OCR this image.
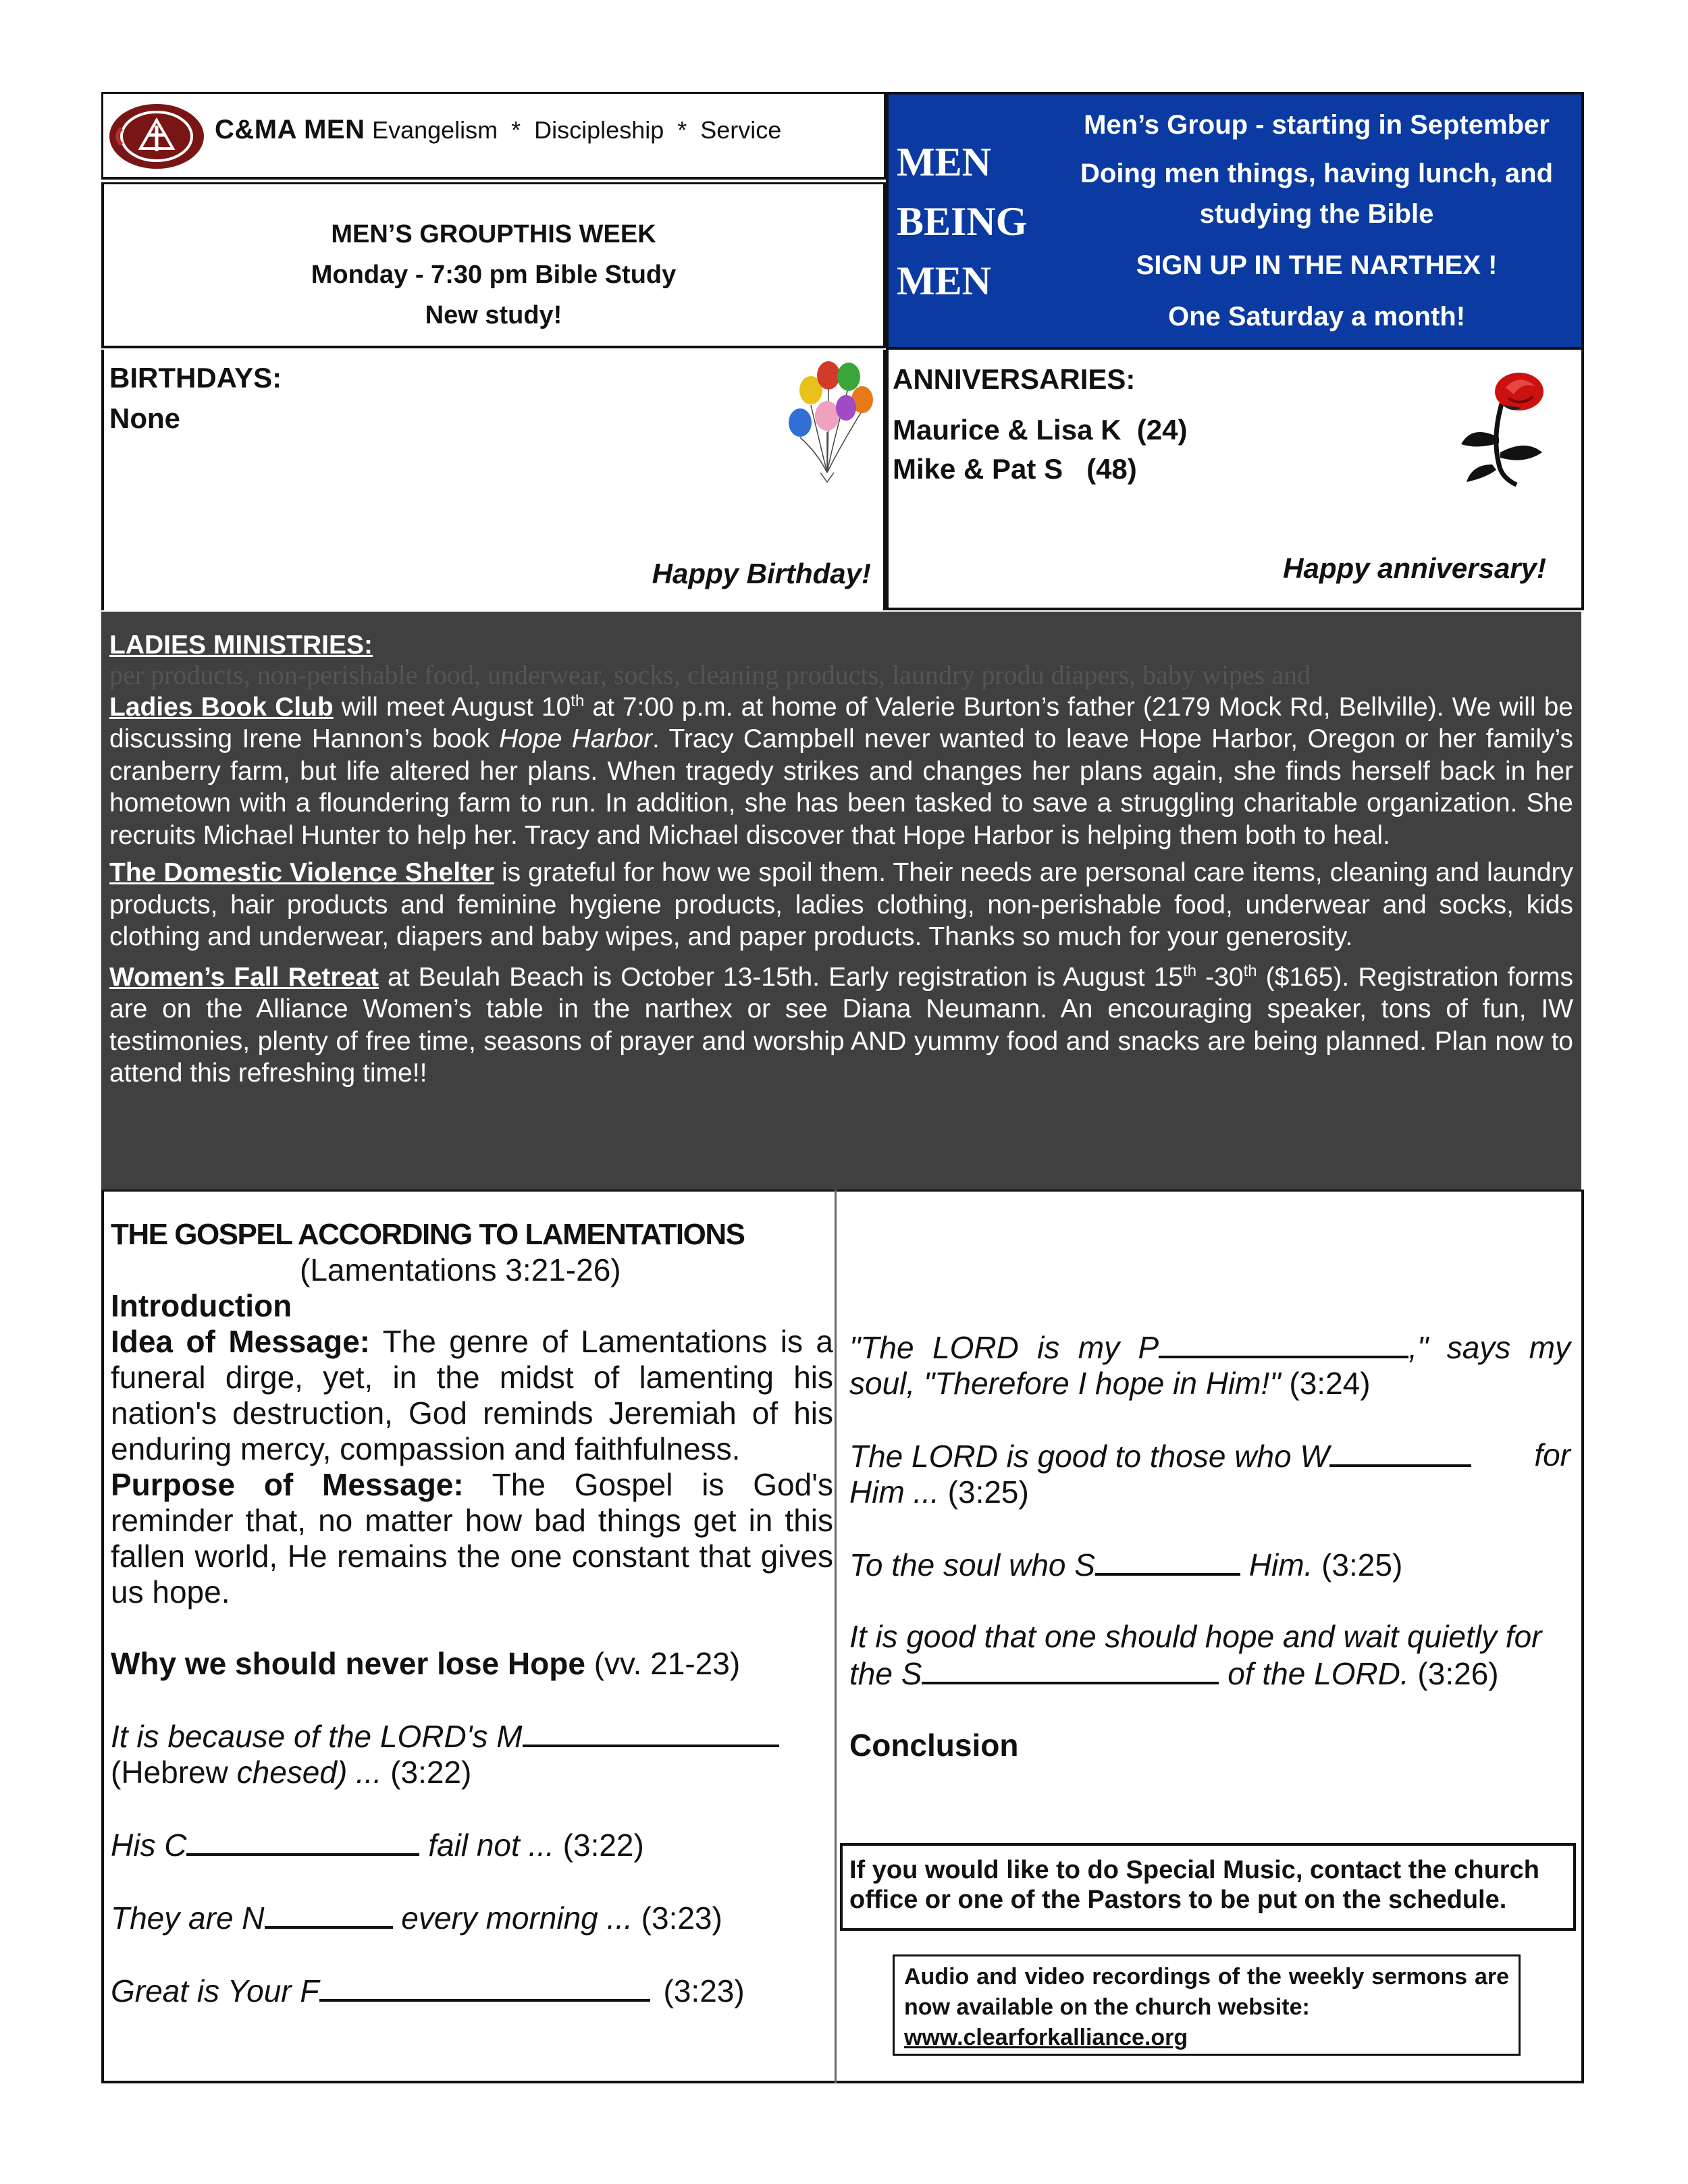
C&MA MEN Evangelism  *  Discipleship  *  Service
MEN’S GROUPTHIS WEEK
Monday - 7:30 pm Bible Study
New study!
MEN
BEING
MEN
Men’s Group - starting in September
Doing men things, having lunch, and
studying the Bible
SIGN UP IN THE NARTHEX !
One Saturday a month!
BIRTHDAYS:
None
Happy Birthday!
ANNIVERSARIES:
Maurice & Lisa K  (24)
Mike & Pat S   (48)
Happy anniversary!

LADIES MINISTRIES:

per products, non-perishable food, underwear, socks, cleaning products, laundry produ diapers, baby wipes and

Ladies Book Club will meet August 10th at 7:00 p.m. at home of Valerie Burton’s father (2179 Mock Rd, Bellville). We will be discussing Irene Hannon’s book Hope Harbor. Tracy Campbell never wanted to leave Hope Harbor, Oregon or her family’s cranberry farm, but life altered her plans. When tragedy strikes and changes her plans again, she finds herself back in her hometown with a floundering farm to run. In addition, she has been tasked to save a struggling charitable organization. She recruits Michael Hunter to help her. Tracy and Michael discover that Hope Harbor is helping them both to heal.

The Domestic Violence Shelter is grateful for how we spoil them. Their needs are personal care items, cleaning and laundry products, hair products and feminine hygiene products, ladies clothing, non-perishable food, underwear and socks, kids clothing and underwear, diapers and baby wipes, and paper products. Thanks so much for your generosity.

Women’s Fall Retreat at Beulah Beach is October 13-15th. Early registration is August 15th -30th ($165). Registration forms are on the Alliance Women’s table in the narthex or see Diana Neumann. An encouraging speaker, tons of fun, IW testimonies, plenty of free time, seasons of prayer and worship AND yummy food and snacks are being planned. Plan now to attend this refreshing time!!

THE GOSPEL ACCORDING TO LAMENTATIONS
(Lamentations 3:21-26)
Introduction
Idea of Message: The genre of Lamentations is a funeral dirge, yet, in the midst of lamenting his nation's destruction, God reminds Jeremiah of his enduring mercy, compassion and faithfulness.
Purpose of Message: The Gospel is God's reminder that, no matter how bad things get in this fallen world, He remains the one constant that gives us hope.
Why we should never lose Hope (vv. 21-23)
It is because of the LORD's M
(Hebrew chesed) ... (3:22)
His C	fail not ... (3:22)
They are N	every morning ... (3:23)
Great is Your F	(3:23)
"The LORD is my P	," says my soul, "Therefore I hope in Him!" (3:24)
The LORD is good to those who W	for

Him ... (3:25)
To the soul who S	Him. (3:25)
It is good that one should hope and wait quietly for the S	of the LORD. (3:26)
Conclusion
If you would like to do Special Music, contact the church office or one of the Pastors to be put on the schedule.
Audio and video recordings of the weekly sermons are now available on the church website:
www.clearforkalliance.org
